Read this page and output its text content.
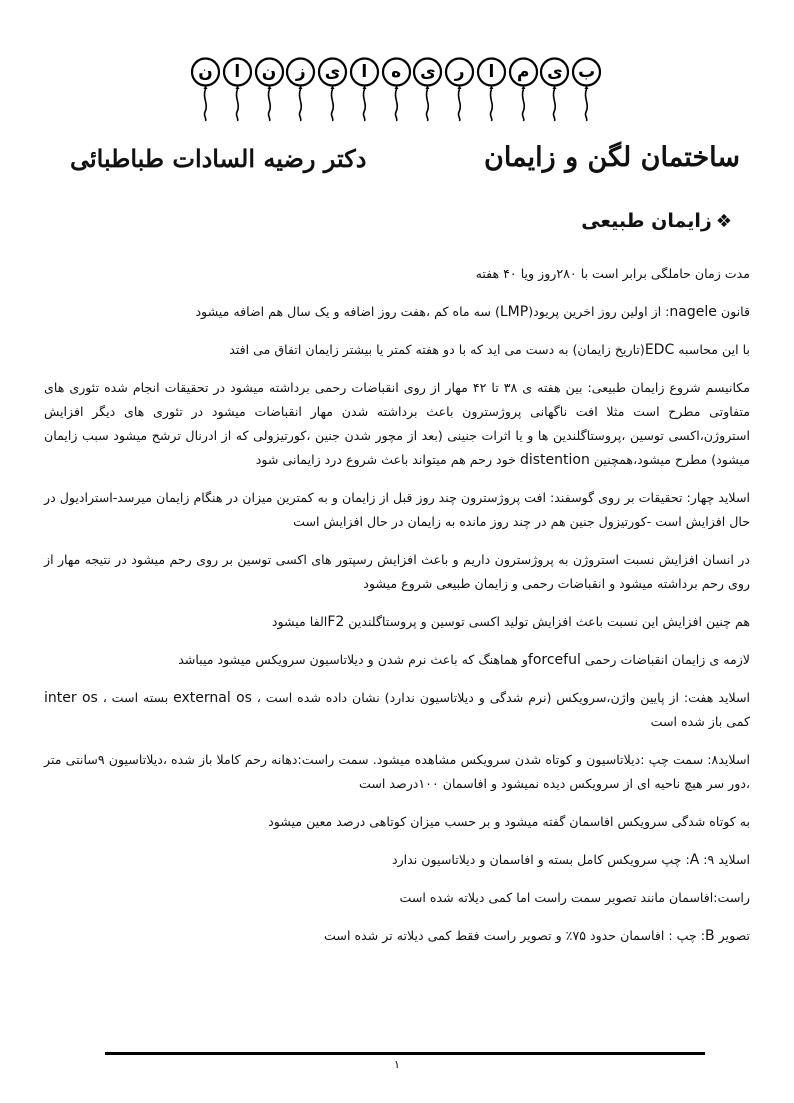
ب
ی
م
ا
ر
ی
ه
ا
ی
ز
ن
ا
ن
ساختمان لگن و زایمان
دکتر رضیه السادات طباطبائی
❖زایمان طبیعی

مدت زمان حاملگی برابر است با ۲۸۰روز ویا ۴۰ هفته

قانون nagele: از اولین روز اخرین پریود(LMP) سه ماه کم ،هفت روز اضافه و یک سال هم اضافه میشود

با این محاسبه EDC(تاریخ زایمان) به دست می اید که با دو هفته کمتر یا بیشتر زایمان اتفاق می افتد

مکانیسم شروع زایمان طبیعی: بین هفته ی ۳۸ تا ۴۲ مهار از روی انقباضات رحمی برداشته میشود در تحقیقات انجام شده تئوری های متفاوتی مطرح است مثلا افت ناگهانی پروژسترون باعث برداشته شدن مهار انقباضات میشود در تئوری های دیگر افزایش استروژن،اکسی توسین ،پروستاگلندین ها و یا اثرات جنینی (بعد از مچور شدن جنین ،کورتیزولی که از ادرنال ترشح میشود سبب زایمان میشود) مطرح میشود،همچنین distention خود رحم هم میتواند باعث شروع درد زایمانی شود

اسلاید چهار: تحقیقات بر روی گوسفند: افت پروژسترون چند روز قبل از زایمان و به کمترین میزان در هنگام زایمان میرسد-استرادیول در حال افزایش است -کورتیزول جنین هم در چند روز مانده به زایمان در حال افزایش است

در انسان افزایش نسبت استروژن به پروژسترون داریم و باعث افزایش رسپتور های اکسی توسین بر روی رحم میشود در نتیجه مهار از روی رحم برداشته میشود و انقباضات رحمی و زایمان طبیعی شروع میشود

هم چنین افزایش این نسبت باعث افزایش تولید اکسی توسین و پروستاگلندین F2الفا میشود

لازمه ی زایمان انقباضات رحمی forcefulو هماهنگ که باعث نرم شدن و دیلاتاسیون سرویکس میشود میباشد

اسلاید هفت: از پایین واژن،سرویکس (نرم شدگی و دیلاتاسیون ندارد) نشان داده شده است ، external os بسته است ، inter os کمی باز شده است

اسلاید۸: سمت چپ :دیلاتاسیون و کوتاه شدن سرویکس مشاهده میشود. سمت راست:دهانه رحم کاملا باز شده ،دیلاتاسیون ۹سانتی متر ،دور سر هیچ ناحیه ای از سرویکس دیده نمیشود و افاسمان ۱۰۰درصد است

به کوتاه شدگی سرویکس افاسمان گفته میشود و بر حسب میزان کوتاهی درصد معین میشود

اسلاید ۹: A: چپ سرویکس کامل بسته و افاسمان و دیلاتاسیون ندارد

راست:افاسمان مانند تصویر سمت راست اما کمی دیلاته شده است

تصویر B: چپ : افاسمان حدود ۷۵٪ و تصویر راست فقط کمی دیلاته تر شده است

۱
